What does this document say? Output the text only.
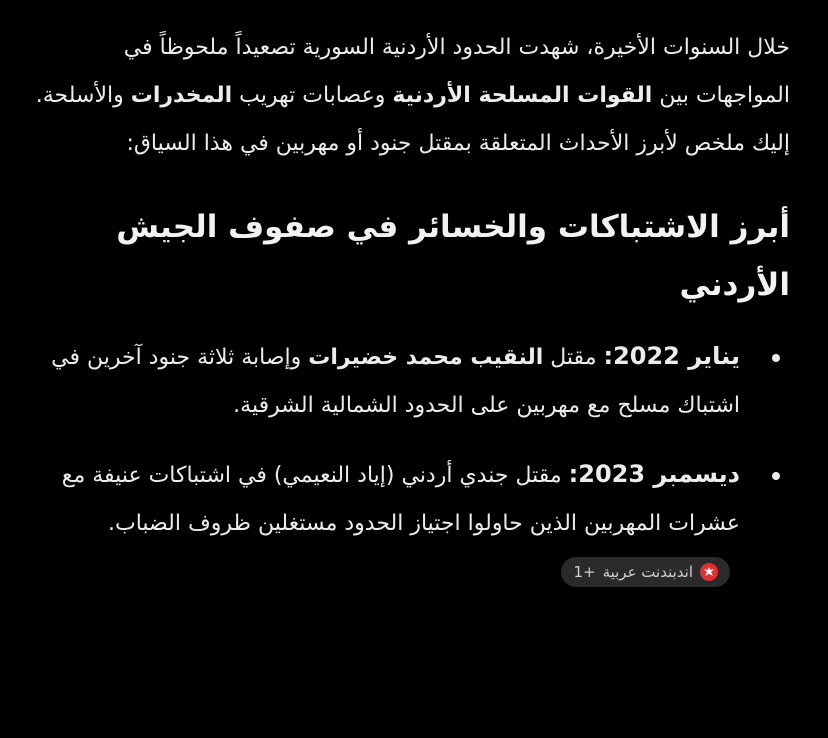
خلال السنوات الأخيرة، شهدت الحدود الأردنية السورية تصعيداً ملحوظاً في المواجهات بين القوات المسلحة الأردنية وعصابات تهريب المخدرات والأسلحة. إليك ملخص لأبرز الأحداث المتعلقة بمقتل جنود أو مهربين في هذا السياق:

أبرز الاشتباكات والخسائر في صفوف الجيش الأردني
يناير 2022: مقتل النقيب محمد خضيرات وإصابة ثلاثة جنود آخرين في اشتباك مسلح مع مهربين على الحدود الشمالية الشرقية.
ديسمبر 2023: مقتل جندي أردني (إياد النعيمي) في اشتباكات عنيفة مع عشرات المهربين الذين حاولوا اجتياز الحدود مستغلين ظروف الضباب.
اندبندنت عربية
+1
